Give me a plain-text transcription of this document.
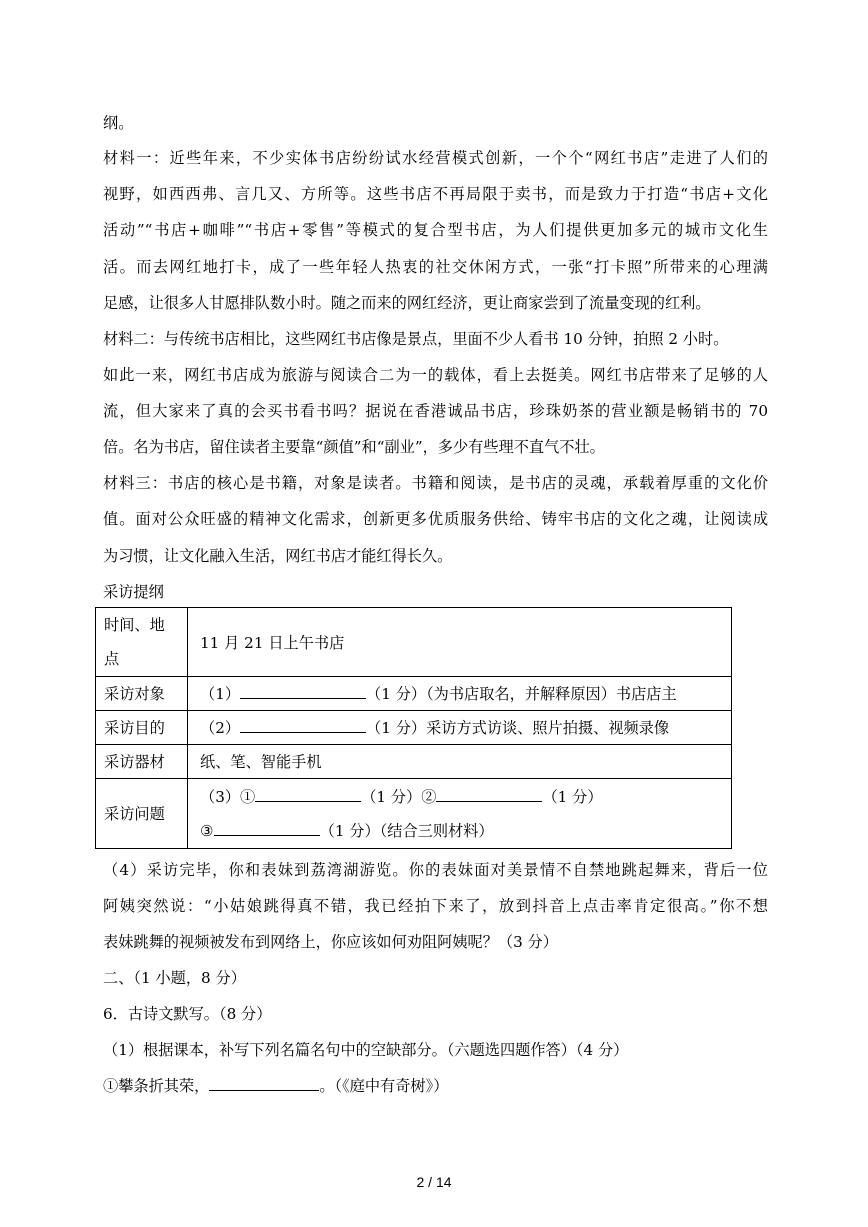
纲。
材料一：近些年来，不少实体书店纷纷试水经营模式创新，一个个“网红书店”走进了人们的
视野，如西西弗、言几又、方所等。这些书店不再局限于卖书，而是致力于打造“书店+文化
活动”“书店+咖啡”“书店+零售”等模式的复合型书店，为人们提供更加多元的城市文化生
活。而去网红地打卡，成了一些年轻人热衷的社交休闲方式，一张“打卡照”所带来的心理满
足感，让很多人甘愿排队数小时。随之而来的网红经济，更让商家尝到了流量变现的红利。
材料二：与传统书店相比，这些网红书店像是景点，里面不少人看书 10 分钟，拍照 2 小时。
如此一来，网红书店成为旅游与阅读合二为一的载体，看上去挺美。网红书店带来了足够的人
流，但大家来了真的会买书看书吗？据说在香港诚品书店，珍珠奶茶的营业额是畅销书的 70
倍。名为书店，留住读者主要靠“颜值”和“副业”，多少有些理不直气不壮。
材料三：书店的核心是书籍，对象是读者。书籍和阅读，是书店的灵魂，承载着厚重的文化价
值。面对公众旺盛的精神文化需求，创新更多优质服务供给、铸牢书店的文化之魂，让阅读成
为习惯，让文化融入生活，网红书店才能红得长久。
采访提纲
时间、地
点	11 月 21 日上午书店
采访对象	（1） （1 分）（为书店取名，并解释原因）书店店主
采访目的	（2） （1 分）采访方式访谈、照片拍摄、视频录像
采访器材	纸、笔、智能手机
采访问题	（3）① （1 分）② （1 分）
③ （1 分）（结合三则材料）
（4）采访完毕，你和表妹到荔湾湖游览。你的表妹面对美景情不自禁地跳起舞来，背后一位
阿姨突然说：“小姑娘跳得真不错，我已经拍下来了，放到抖音上点击率肯定很高。”你不想
表妹跳舞的视频被发布到网络上，你应该如何劝阻阿姨呢？（3 分）
二、（1 小题，8 分）
6．古诗文默写。（8 分）
（1）根据课本，补写下列名篇名句中的空缺部分。（六题选四题作答）（4 分）
①攀条折其荣，	。（《庭中有奇树》）
2 / 14
